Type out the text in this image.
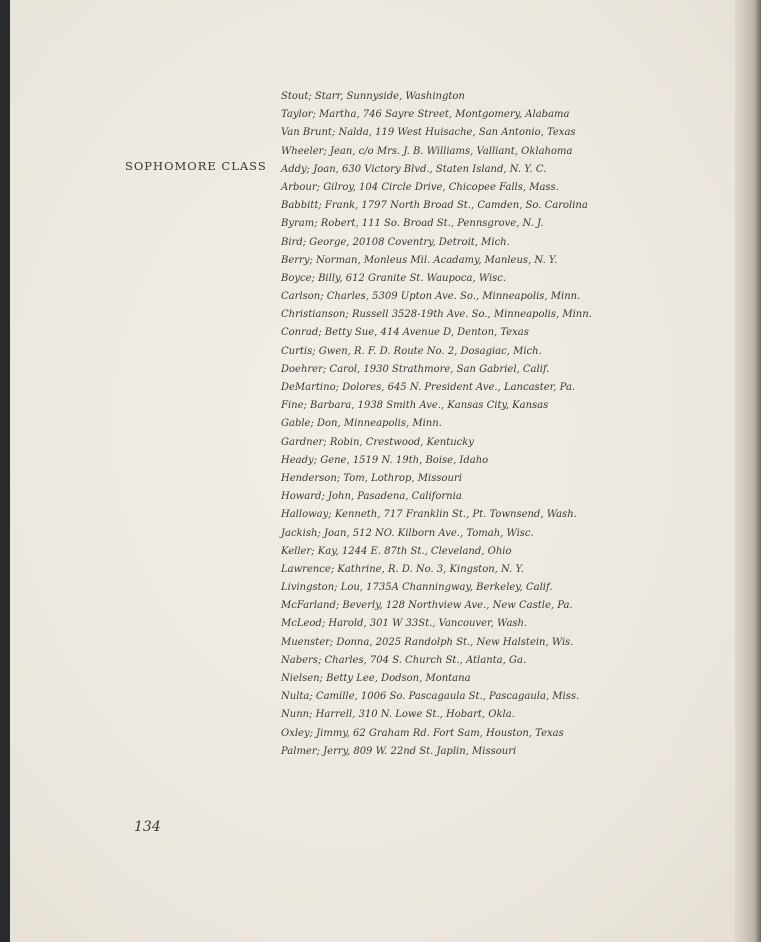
SOPHOMORE CLASS
Stout; Starr, Sunnyside, Washington
Taylor; Martha, 746 Sayre Street, Montgomery, Alabama
Van Brunt; Nalda, 119 West Huisache, San Antonio, Texas
Wheeler; Jean, c/o Mrs. J. B. Williams, Valliant, Oklahoma
Addy; Joan, 630 Victory Blvd., Staten Island, N. Y. C.
Arbour; Gilroy, 104 Circle Drive, Chicopee Falls, Mass.
Babbitt; Frank, 1797 North Broad St., Camden, So. Carolina
Byram; Robert, 111 So. Broad St., Pennsgrove, N. J.
Bird; George, 20108 Coventry, Detroit, Mich.
Berry; Norman, Monleus Mil. Acadamy, Manleus, N. Y.
Boyce; Billy, 612 Granite St. Waupoca, Wisc.
Carlson; Charles, 5309 Upton Ave. So., Minneapolis, Minn.
Christianson; Russell 3528-19th Ave. So., Minneapolis, Minn.
Conrad; Betty Sue, 414 Avenue D, Denton, Texas
Curtis; Gwen, R. F. D. Route No. 2, Dosagiac, Mich.
Doehrer; Carol, 1930 Strathmore, San Gabriel, Calif.
DeMartino; Dolores, 645 N. President Ave., Lancaster, Pa.
Fine; Barbara, 1938 Smith Ave., Kansas City, Kansas
Gable; Don, Minneapolis, Minn.
Gardner; Robin, Crestwood, Kentucky
Heady; Gene, 1519 N. 19th, Boise, Idaho
Henderson; Tom, Lothrop, Missouri
Howard; John, Pasadena, California
Halloway; Kenneth, 717 Franklin St., Pt. Townsend, Wash.
Jackish; Joan, 512 NO. Kilborn Ave., Tomah, Wisc.
Keller; Kay, 1244 E. 87th St., Cleveland, Ohio
Lawrence; Kathrine, R. D. No. 3, Kingston, N. Y.
Livingston; Lou, 1735A Channingway, Berkeley, Calif.
McFarland; Beverly, 128 Northview Ave., New Castle, Pa.
McLeod; Harold, 301 W 33St., Vancouver, Wash.
Muenster; Donna, 2025 Randolph St., New Halstein, Wis.
Nabers; Charles, 704 S. Church St., Atlanta, Ga.
Nielsen; Betty Lee, Dodson, Montana
Nulta; Camille, 1006 So. Pascagaula St., Pascagaula, Miss.
Nunn; Harrell, 310 N. Lowe St., Hobart, Okla.
Oxley; Jimmy, 62 Graham Rd. Fort Sam, Houston, Texas
Palmer; Jerry, 809 W. 22nd St. Japlin, Missouri
134
